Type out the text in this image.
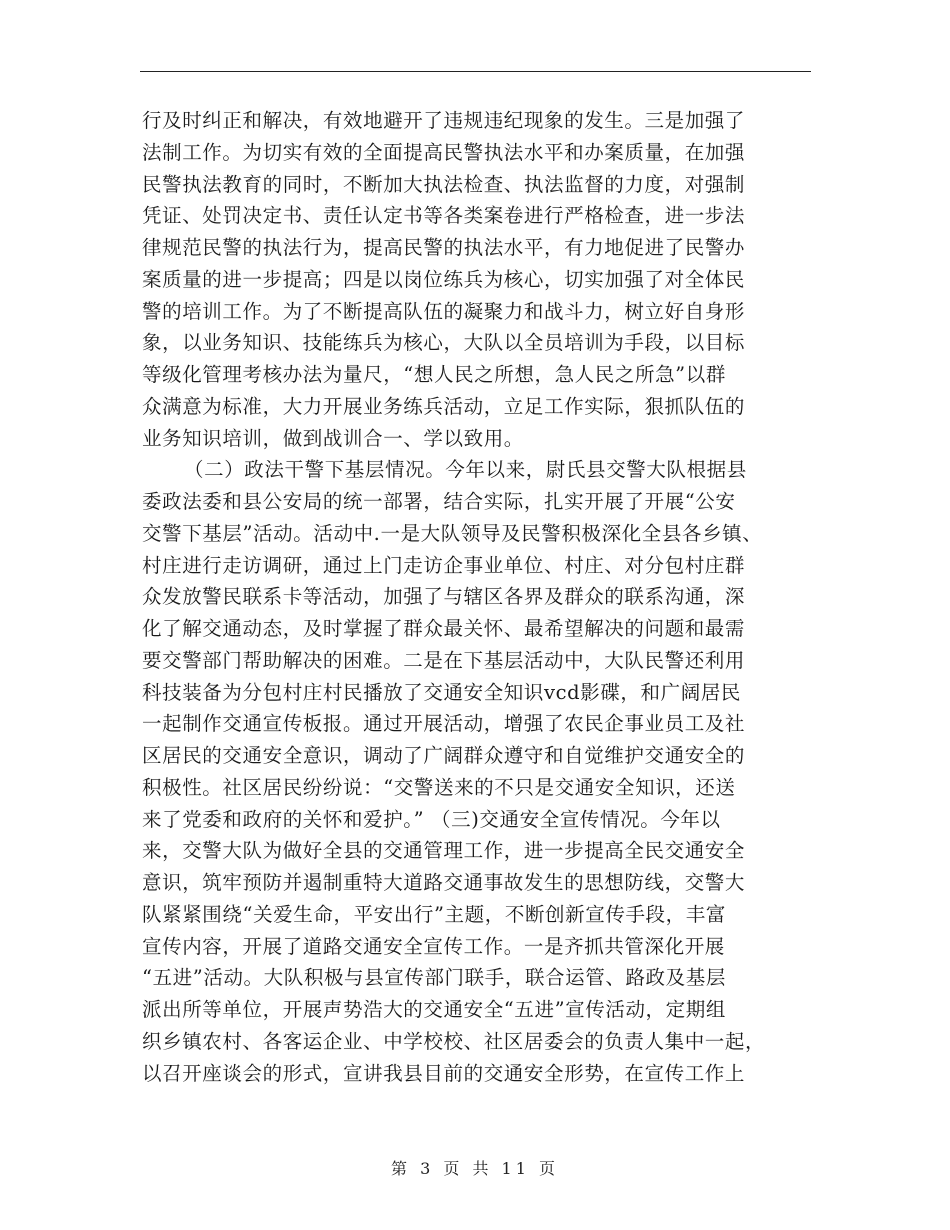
行及时纠正和解决，有效地避开了违规违纪现象的发生。三是加强了
法制工作。为切实有效的全面提高民警执法水平和办案质量，在加强
民警执法教育的同时，不断加大执法检查、执法监督的力度，对强制
凭证、处罚决定书、责任认定书等各类案卷进行严格检查，进一步法
律规范民警的执法行为，提高民警的执法水平，有力地促进了民警办
案质量的进一步提高；四是以岗位练兵为核心，切实加强了对全体民
警的培训工作。为了不断提高队伍的凝聚力和战斗力，树立好自身形
象，以业务知识、技能练兵为核心，大队以全员培训为手段，以目标
等级化管理考核办法为量尺，“想人民之所想，急人民之所急”以群
众满意为标准，大力开展业务练兵活动，立足工作实际，狠抓队伍的
业务知识培训，做到战训合一、学以致用。
（二）政法干警下基层情况。今年以来，尉氏县交警大队根据县
委政法委和县公安局的统一部署，结合实际，扎实开展了开展“公安
交警下基层”活动。活动中.一是大队领导及民警积极深化全县各乡镇、
村庄进行走访调研，通过上门走访企事业单位、村庄、对分包村庄群
众发放警民联系卡等活动，加强了与辖区各界及群众的联系沟通，深
化了解交通动态，及时掌握了群众最关怀、最希望解决的问题和最需
要交警部门帮助解决的困难。二是在下基层活动中，大队民警还利用
科技装备为分包村庄村民播放了交通安全知识vcd影碟，和广阔居民
一起制作交通宣传板报。通过开展活动，增强了农民企事业员工及社
区居民的交通安全意识，调动了广阔群众遵守和自觉维护交通安全的
积极性。社区居民纷纷说：“交警送来的不只是交通安全知识，还送
来了党委和政府的关怀和爱护。” （三)交通安全宣传情况。今年以
来，交警大队为做好全县的交通管理工作，进一步提高全民交通安全
意识，筑牢预防并遏制重特大道路交通事故发生的思想防线，交警大
队紧紧围绕“关爱生命，平安出行”主题，不断创新宣传手段，丰富
宣传内容，开展了道路交通安全宣传工作。一是齐抓共管深化开展
“五进”活动。大队积极与县宣传部门联手，联合运管、路政及基层
派出所等单位，开展声势浩大的交通安全“五进”宣传活动，定期组
织乡镇农村、各客运企业、中学校校、社区居委会的负责人集中一起，
以召开座谈会的形式，宣讲我县目前的交通安全形势，在宣传工作上
第 3 页 共 11 页
